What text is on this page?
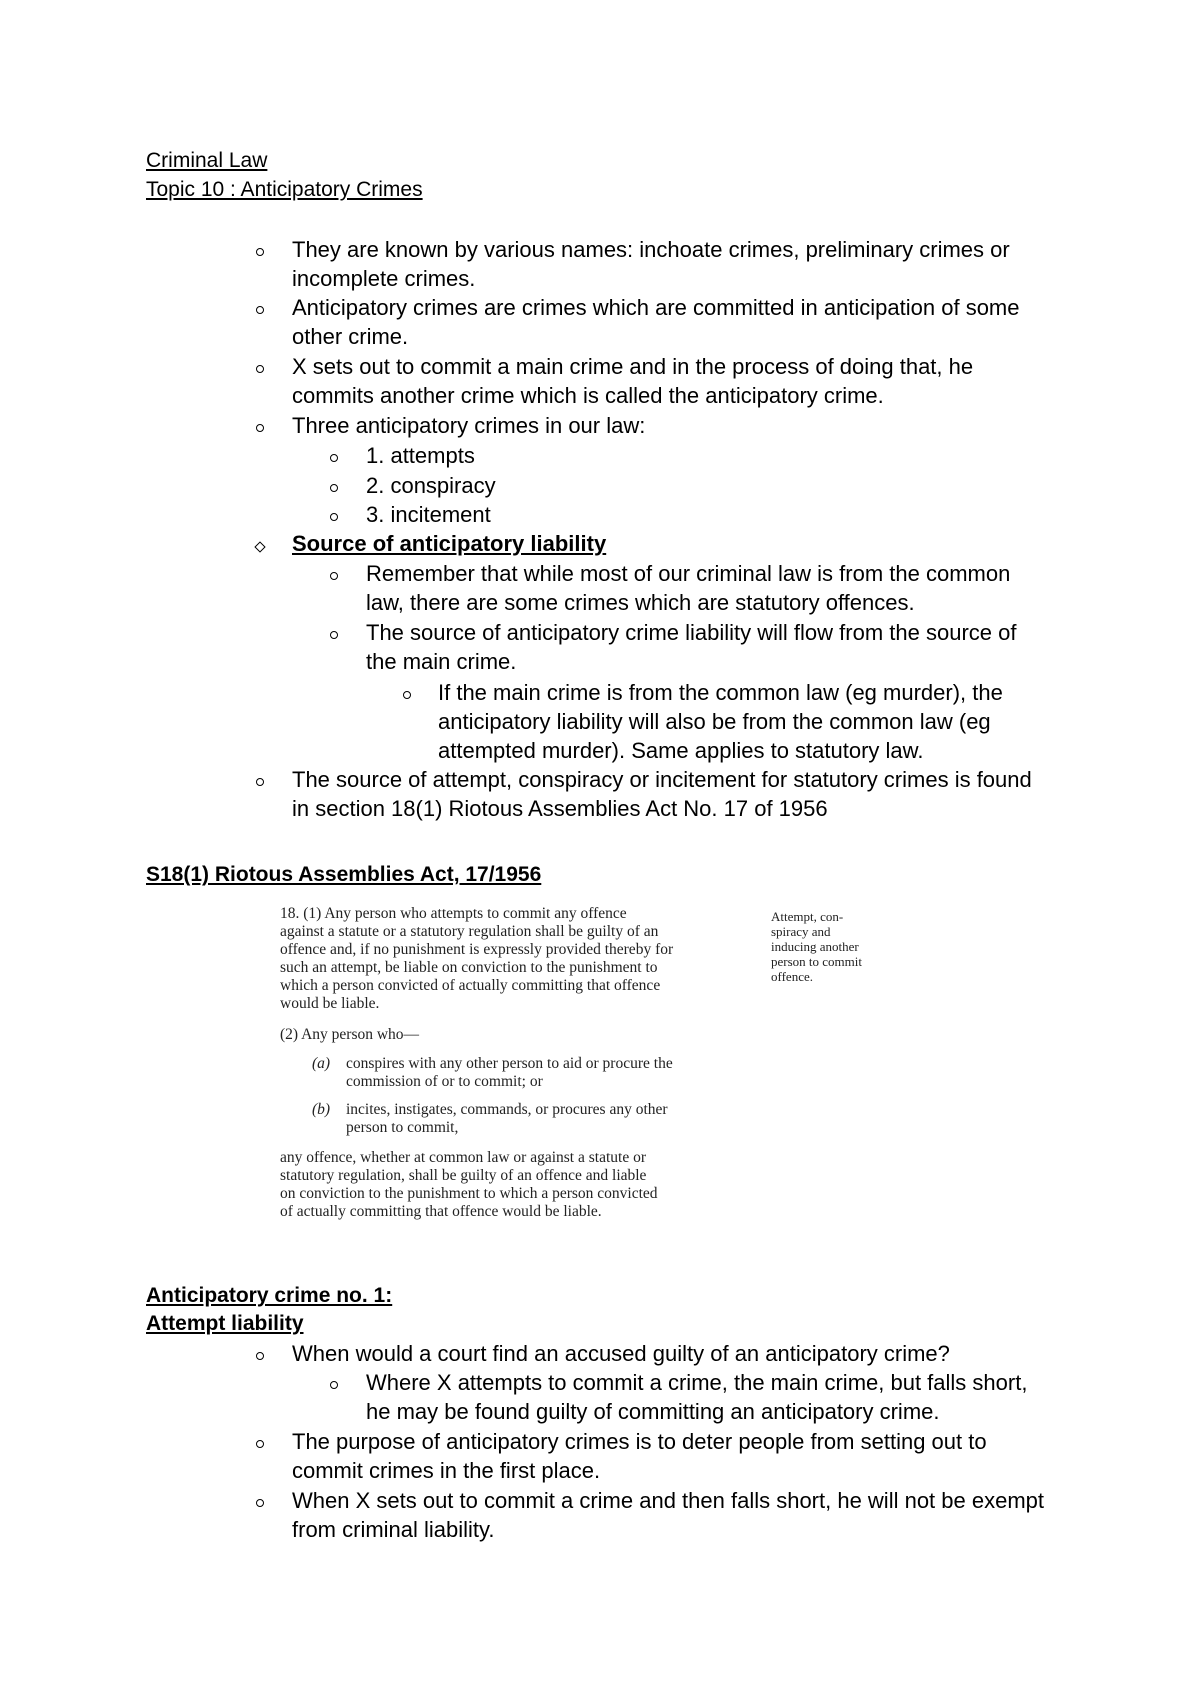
Criminal Law
Topic 10 : Anticipatory Crimes
They are known by various names: inchoate crimes, preliminary crimes or
incomplete crimes.
Anticipatory crimes are crimes which are committed in anticipation of some
other crime.
X sets out to commit a main crime and in the process of doing that, he
commits another crime which is called the anticipatory crime.
Three anticipatory crimes in our law:
1. attempts
2. conspiracy
3. incitement
Source of anticipatory liability
Remember that while most of our criminal law is from the common
law, there are some crimes which are statutory offences.
The source of anticipatory crime liability will flow from the source of
the main crime.
If the main crime is from the common law (eg murder), the
anticipatory liability will also be from the common law (eg
attempted murder). Same applies to statutory law.
The source of attempt, conspiracy or incitement for statutory crimes is found
in section 18(1) Riotous Assemblies Act No. 17 of 1956
S18(1) Riotous Assemblies Act, 17/1956
18. (1) Any person who attempts to commit any offence
against a statute or a statutory regulation shall be guilty of an
offence and, if no punishment is expressly provided thereby for
such an attempt, be liable on conviction to the punishment to
which a person convicted of actually committing that offence
would be liable.
(2) Any person who—
(a) conspires with any other person to aid or procure the
commission of or to commit; or
(b) incites, instigates, commands, or procures any other
person to commit,
any offence, whether at common law or against a statute or
statutory regulation, shall be guilty of an offence and liable
on conviction to the punishment to which a person convicted
of actually committing that offence would be liable.
Attempt, con-
spiracy and
inducing another
person to commit
offence.
Anticipatory crime no. 1:
Attempt liability
When would a court find an accused guilty of an anticipatory crime?
Where X attempts to commit a crime, the main crime, but falls short,
he may be found guilty of committing an anticipatory crime.
The purpose of anticipatory crimes is to deter people from setting out to
commit crimes in the first place.
When X sets out to commit a crime and then falls short, he will not be exempt
from criminal liability.
